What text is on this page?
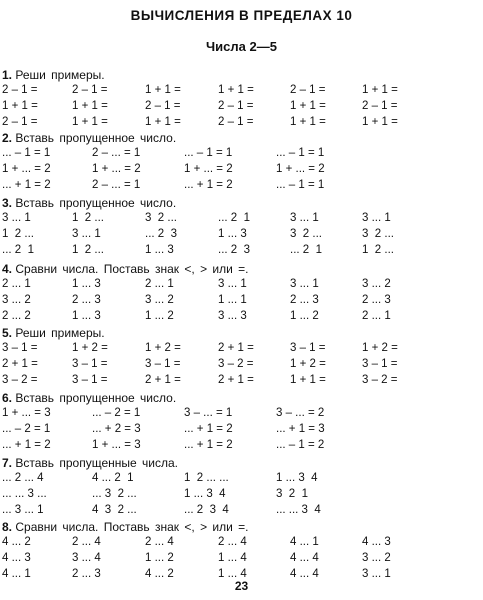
ВЫЧИСЛЕНИЯ В ПРЕДЕЛАХ 10
Числа 2—5
1. Реши примеры.
2 – 1 =	2 – 1 =	1 + 1 =	1 + 1 =	2 – 1 =	1 + 1 =
1 + 1 =	1 + 1 =	2 – 1 =	2 – 1 =	1 + 1 =	2 – 1 =
2 – 1 =	1 + 1 =	1 + 1 =	2 – 1 =	1 + 1 =	1 + 1 =
2. Вставь пропущенное число.
... – 1 = 1	2 – ... = 1	... – 1 = 1	... – 1 = 1
1 + ... = 2	1 + ... = 2	1 + ... = 2	1 + ... = 2
... + 1 = 2	2 – ... = 1	... + 1 = 2	... – 1 = 1
3. Вставь пропущенное число.
3 ... 1	1  2 ...	3  2 ...	... 2  1	3 ... 1	3 ... 1
1  2 ...	3 ... 1	... 2  3	1 ... 3	3  2 ...	3  2 ...
... 2  1	1  2 ...	1 ... 3	... 2  3	... 2  1	1  2 ...
4. Сравни числа. Поставь знак <, > или =.
2 ... 1	1 ... 3	2 ... 1	3 ... 1	3 ... 1	3 ... 2
3 ... 2	2 ... 3	3 ... 2	1 ... 1	2 ... 3	2 ... 3
2 ... 2	1 ... 3	1 ... 2	3 ... 3	1 ... 2	2 ... 1
5. Реши примеры.
3 – 1 =	1 + 2 =	1 + 2 =	2 + 1 =	3 – 1 =	1 + 2 =
2 + 1 =	3 – 1 =	3 – 1 =	3 – 2 =	1 + 2 =	3 – 1 =
3 – 2 =	3 – 1 =	2 + 1 =	2 + 1 =	1 + 1 =	3 – 2 =
6. Вставь пропущенное число.
1 + ... = 3	... – 2 = 1	3 – ... = 1	3 – ... = 2
... – 2 = 1	... + 2 = 3	... + 1 = 2	... + 1 = 3
... + 1 = 2	1 + ... = 3	... + 1 = 2	... – 1 = 2
7. Вставь пропущенные числа.
... 2 ... 4	4 ... 2  1	1  2 ... ...	1 ... 3  4
... ... 3 ...	... 3  2 ...	1 ... 3  4	3  2  1
... 3 ... 1	4  3  2 ...	... 2  3  4	... ... 3  4
8. Сравни числа. Поставь знак <, > или =.
4 ... 2	2 ... 4	2 ... 4	2 ... 4	4 ... 1	4 ... 3
4 ... 3	3 ... 4	1 ... 2	1 ... 4	4 ... 4	3 ... 2
4 ... 1	2 ... 3	4 ... 2	1 ... 4	4 ... 4	3 ... 1
23
